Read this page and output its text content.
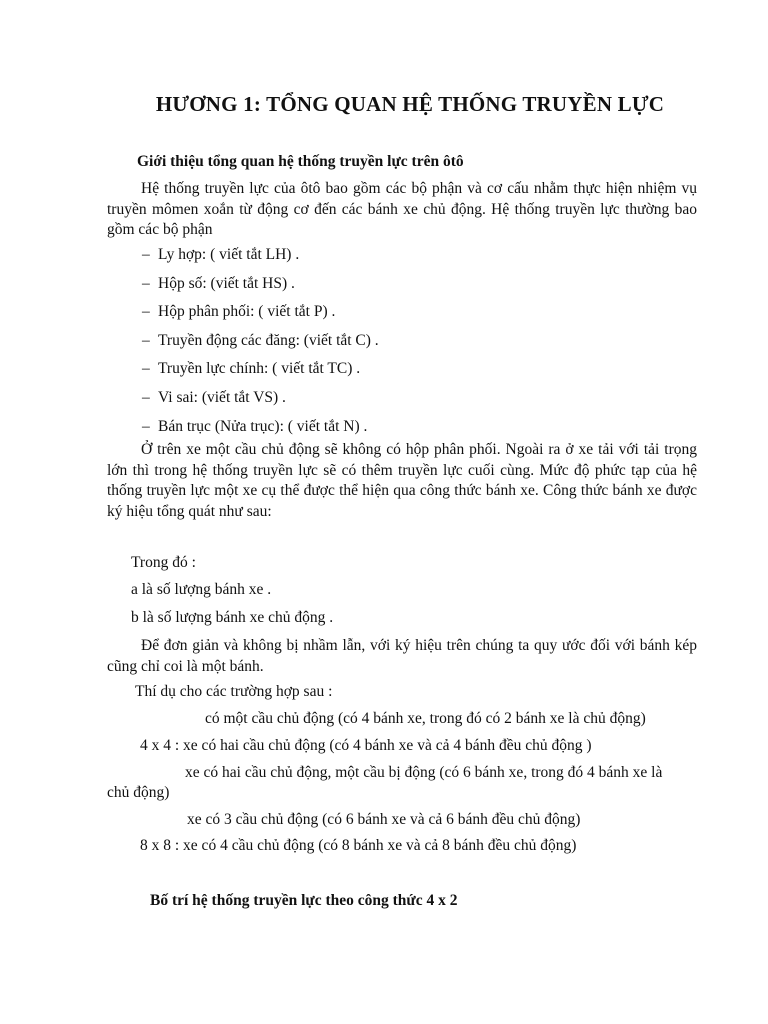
HƯƠNG 1: TỔNG QUAN HỆ THỐNG TRUYỀN LỰC
Giới thiệu tổng quan hệ thống truyền lực trên ôtô
Hệ thống truyền lực của ôtô bao gồm các bộ phận và cơ cấu nhằm thực hiện nhiệm vụ truyền mômen xoắn từ động cơ đến các bánh xe chủ động. Hệ thống truyền lực thường bao gồm các bộ phận
– Ly hợp: ( viết tắt LH) .
– Hộp số: (viết tắt HS) .
– Hộp phân phối: ( viết tắt P) .
– Truyền động các đăng: (viết tắt C) .
– Truyền lực chính: ( viết tắt TC) .
– Vi sai: (viết tắt VS) .
– Bán trục (Nửa trục): ( viết tắt N) .
Ở trên xe một cầu chủ động sẽ không có hộp phân phối. Ngoài ra ở xe tải với tải trọng lớn thì trong hệ thống truyền lực sẽ có thêm truyền lực cuối cùng. Mức độ phức tạp của hệ thống truyền lực một xe cụ thể được thể hiện qua công thức bánh xe. Công thức bánh xe được ký hiệu tổng quát như sau:
Trong đó :
a là số lượng bánh xe .
b là số lượng bánh xe chủ động .
Để đơn giản và không bị nhầm lẫn, với ký hiệu trên chúng ta quy ước đối với bánh kép cũng chỉ coi là một bánh.
Thí dụ cho các trường hợp sau :
có một cầu chủ động (có 4 bánh xe, trong đó có 2 bánh xe là chủ động)
4 x 4 : xe có hai cầu chủ động (có 4 bánh xe và cả 4 bánh đều chủ động )
xe có hai cầu chủ động, một cầu bị động (có 6 bánh xe, trong đó 4 bánh xe là
chủ động)
xe có 3 cầu chủ động (có 6 bánh xe và cả 6 bánh đều chủ động)
8 x 8 : xe có 4 cầu chủ động (có 8 bánh xe và cả 8 bánh đều chủ động)
Bố trí hệ thống truyền lực theo công thức 4 x 2
